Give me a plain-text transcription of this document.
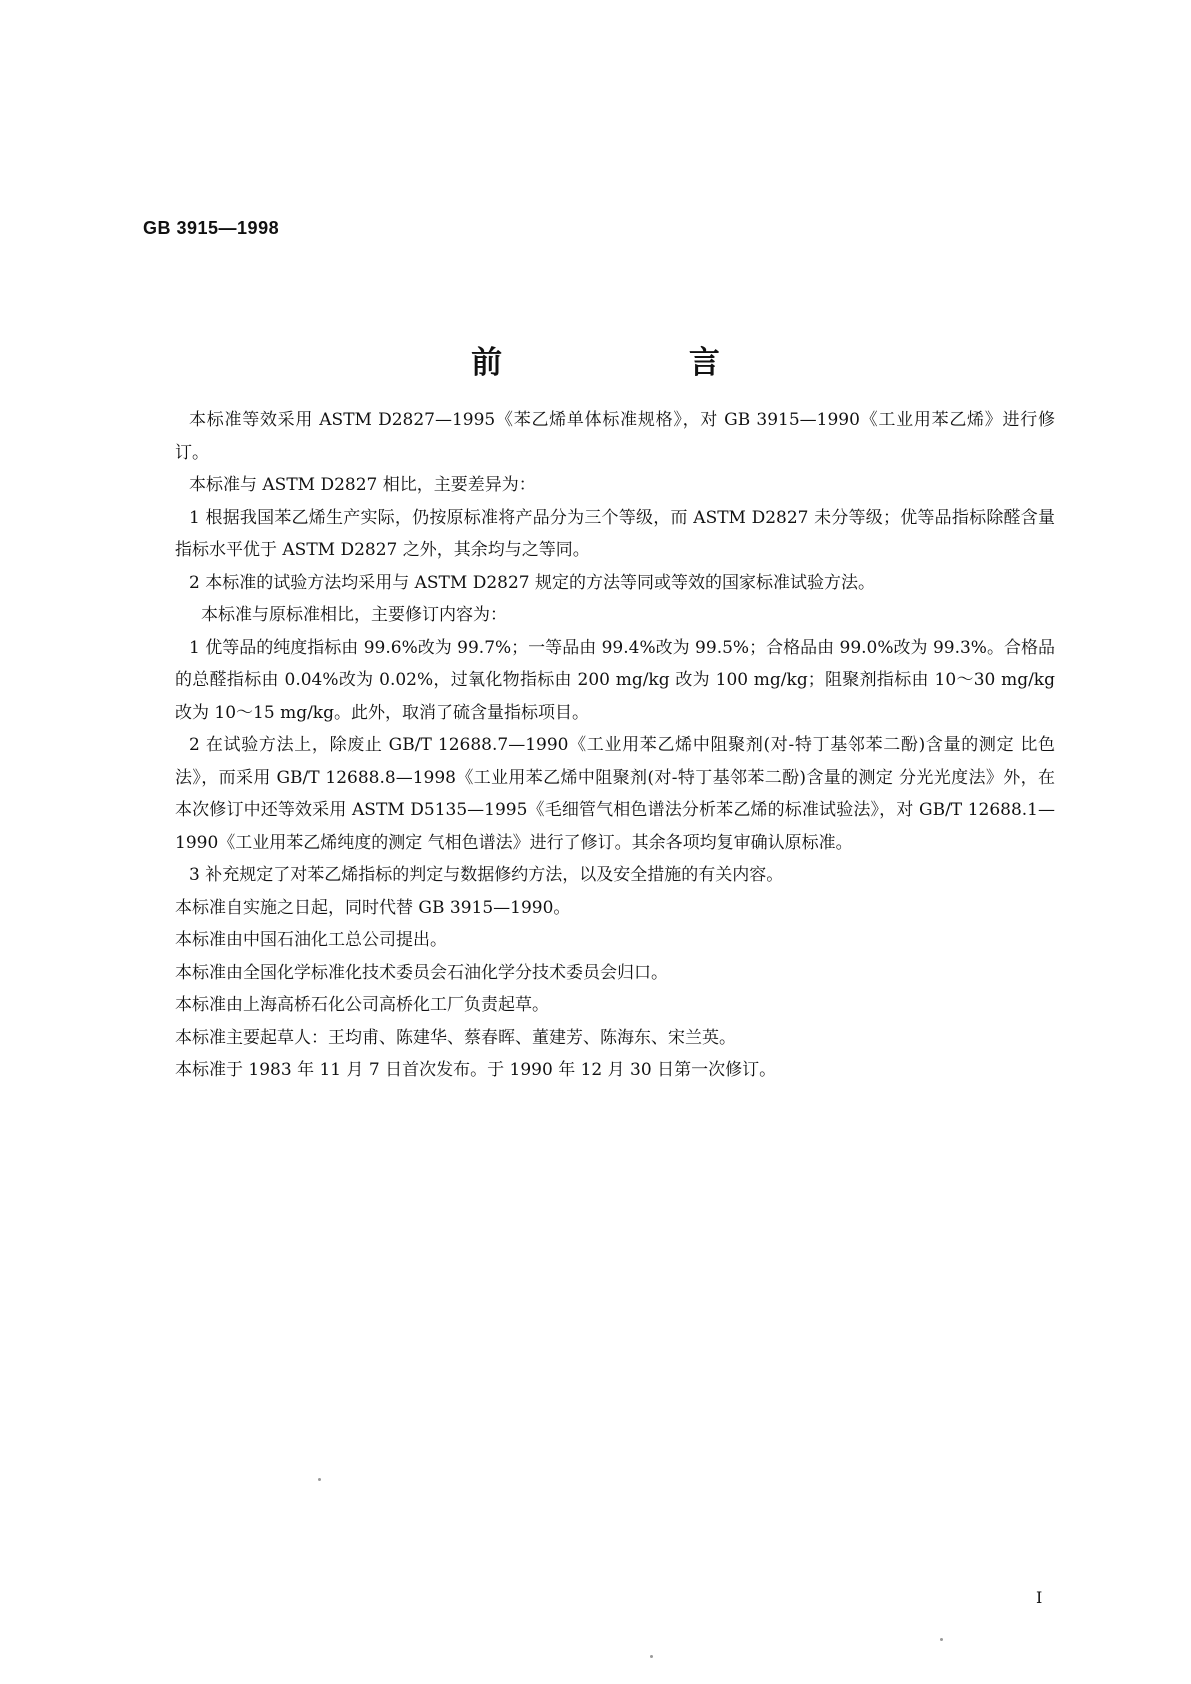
GB 3915—1998
前 言

本标准等效采用 ASTM D2827—1995《苯乙烯单体标准规格》，对 GB 3915—1990《工业用苯乙烯》进行修订。

本标准与 ASTM D2827 相比，主要差异为：

1 根据我国苯乙烯生产实际，仍按原标准将产品分为三个等级，而 ASTM D2827 未分等级；优等品指标除醛含量指标水平优于 ASTM D2827 之外，其余均与之等同。

2 本标准的试验方法均采用与 ASTM D2827 规定的方法等同或等效的国家标准试验方法。

本标准与原标准相比，主要修订内容为：

1 优等品的纯度指标由 99.6%改为 99.7%；一等品由 99.4%改为 99.5%；合格品由 99.0%改为 99.3%。合格品的总醛指标由 0.04%改为 0.02%，过氧化物指标由 200 mg/kg 改为 100 mg/kg；阻聚剂指标由 10～30 mg/kg 改为 10～15 mg/kg。此外，取消了硫含量指标项目。

2 在试验方法上，除废止 GB/T 12688.7—1990《工业用苯乙烯中阻聚剂(对-特丁基邻苯二酚)含量的测定 比色法》，而采用 GB/T 12688.8—1998《工业用苯乙烯中阻聚剂(对-特丁基邻苯二酚)含量的测定 分光光度法》外，在本次修订中还等效采用 ASTM D5135—1995《毛细管气相色谱法分析苯乙烯的标准试验法》，对 GB/T 12688.1—1990《工业用苯乙烯纯度的测定 气相色谱法》进行了修订。其余各项均复审确认原标准。

3 补充规定了对苯乙烯指标的判定与数据修约方法，以及安全措施的有关内容。

本标准自实施之日起，同时代替 GB 3915—1990。

本标准由中国石油化工总公司提出。

本标准由全国化学标准化技术委员会石油化学分技术委员会归口。

本标准由上海高桥石化公司高桥化工厂负责起草。

本标准主要起草人：王均甫、陈建华、蔡春晖、董建芳、陈海东、宋兰英。

本标准于 1983 年 11 月 7 日首次发布。于 1990 年 12 月 30 日第一次修订。

I
